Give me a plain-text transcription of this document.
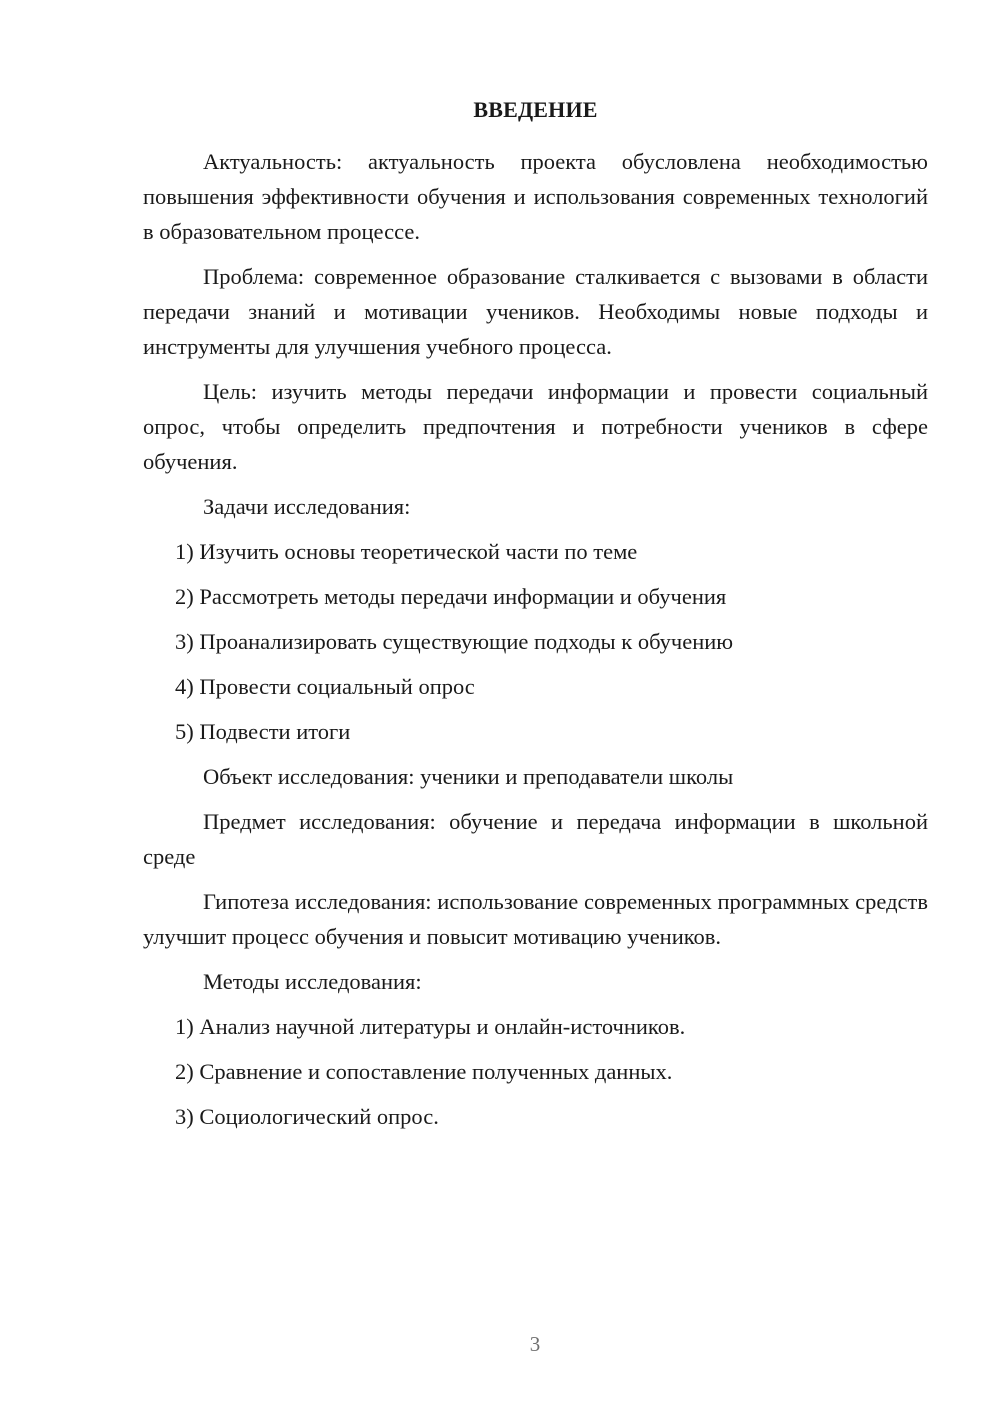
ВВЕДЕНИЕ

Актуальность: актуальность проекта обусловлена необходимостью повышения эффективности обучения и использования современных технологий в образовательном процессе.

Проблема: современное образование сталкивается с вызовами в области передачи знаний и мотивации учеников. Необходимы новые подходы и инструменты для улучшения учебного процесса.

Цель: изучить методы передачи информации и провести социальный опрос, чтобы определить предпочтения и потребности учеников в сфере обучения.

Задачи исследования:

1) Изучить основы теоретической части по теме
2) Рассмотреть методы передачи информации и обучения
3) Проанализировать существующие подходы к обучению
4) Провести социальный опрос
5) Подвести итоги

Объект исследования: ученики и преподаватели школы

Предмет исследования: обучение и передача информации в школьной среде

Гипотеза исследования: использование современных программных средств улучшит процесс обучения и повысит мотивацию учеников.

Методы исследования:

1) Анализ научной литературы и онлайн-источников.
2) Сравнение и сопоставление полученных данных.
3) Социологический опрос.
3
